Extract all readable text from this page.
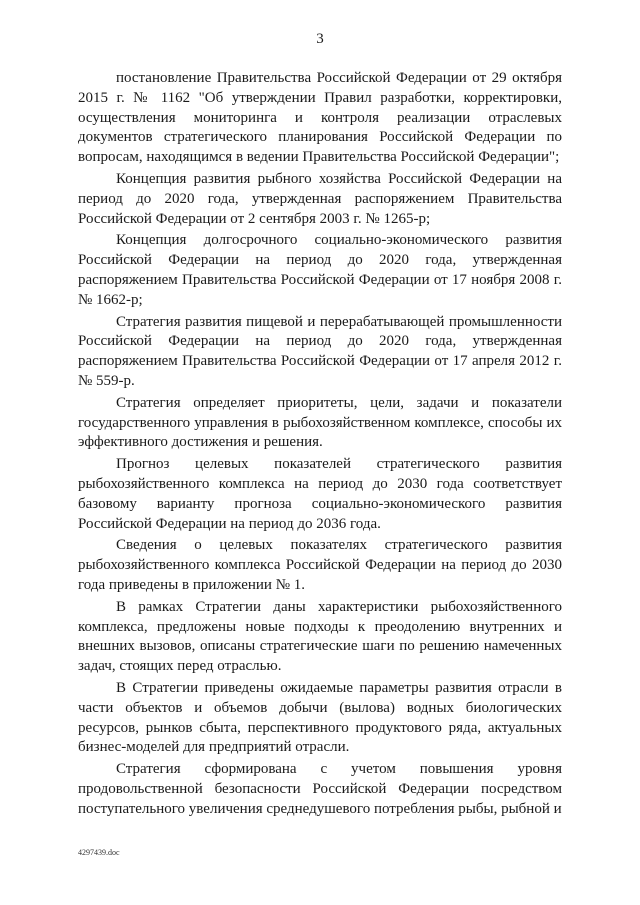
3

постановление Правительства Российской Федерации от 29 октября 2015 г. № 1162 "Об утверждении Правил разработки, корректировки, осуществления мониторинга и контроля реализации отраслевых документов стратегического планирования Российской Федерации по вопросам, находящимся в ведении Правительства Российской Федерации";

Концепция развития рыбного хозяйства Российской Федерации на период до 2020 года, утвержденная распоряжением Правительства Российской Федерации от 2 сентября 2003 г. № 1265-р;

Концепция долгосрочного социально-экономического развития Российской Федерации на период до 2020 года, утвержденная распоряжением Правительства Российской Федерации от 17 ноября 2008 г. № 1662-р;

Стратегия развития пищевой и перерабатывающей промышленности Российской Федерации на период до 2020 года, утвержденная распоряжением Правительства Российской Федерации от 17 апреля 2012 г. № 559-р.

Стратегия определяет приоритеты, цели, задачи и показатели государственного управления в рыбохозяйственном комплексе, способы их эффективного достижения и решения.

Прогноз целевых показателей стратегического развития рыбохозяйственного комплекса на период до 2030 года соответствует базовому варианту прогноза социально-экономического развития Российской Федерации на период до 2036 года.

Сведения о целевых показателях стратегического развития рыбохозяйственного комплекса Российской Федерации на период до 2030 года приведены в приложении № 1.

В рамках Стратегии даны характеристики рыбохозяйственного комплекса, предложены новые подходы к преодолению внутренних и внешних вызовов, описаны стратегические шаги по решению намеченных задач, стоящих перед отраслью.

В Стратегии приведены ожидаемые параметры развития отрасли в части объектов и объемов добычи (вылова) водных биологических ресурсов, рынков сбыта, перспективного продуктового ряда, актуальных бизнес-моделей для предприятий отрасли.

Стратегия сформирована с учетом повышения уровня продовольственной безопасности Российской Федерации посредством поступательного увеличения среднедушевого потребления рыбы, рыбной и

4297439.doc
